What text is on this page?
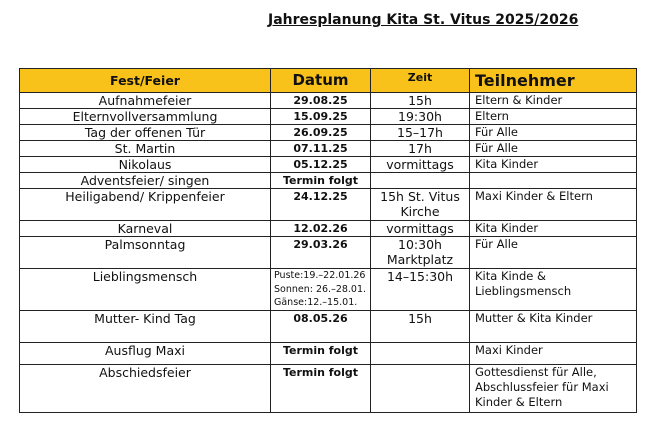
Jahresplanung Kita St. Vitus 2025/2026
Fest/Feier	Datum	Zeit	Teilnehmer
Aufnahmefeier	29.08.25	15h	Eltern & Kinder
Elternvollversammlung	15.09.25	19:30h	Eltern
Tag der offenen Tür	26.09.25	15–17h	Für Alle
St. Martin	07.11.25	17h	Für Alle
Nikolaus	05.12.25	vormittags	Kita Kinder
Adventsfeier/ singen	Termin folgt		
Heiligabend/ Krippenfeier	24.12.25	15h St. Vitus Kirche	Maxi Kinder & Eltern
Karneval	12.02.26	vormittags	Kita Kinder
Palmsonntag	29.03.26	10:30h Marktplatz	Für Alle
Lieblingsmensch	Puste:19.–22.01.26
Sonnen: 26.–28.01.
Gänse:12.–15.01.	14–15:30h	Kita Kinde & Lieblingsmensch
Mutter- Kind Tag	08.05.26	15h	Mutter & Kita Kinder
Ausflug Maxi	Termin folgt		Maxi Kinder
Abschiedsfeier	Termin folgt		Gottesdienst für Alle, Abschlussfeier für Maxi Kinder & Eltern
